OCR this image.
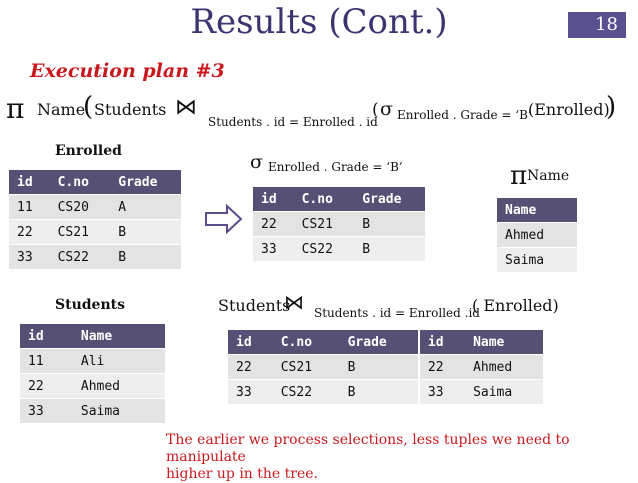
Results (Cont.)	18
Execution plan #3
π Name
( Students ⋈
Students . id = Enrolled . id
( σ Enrolled . Grade = ‘B’
(Enrolled)
)
Enrolled	σ Enrolled . Grade = ‘B’	π Name
Students	Students
⋈ Students . id = Enrolled .id
( Enrolled)
id	C.no	Grade
11	CS20	A
22	CS21	B
33	CS22	B
id	C.no	Grade
22	CS21	B
33	CS22	B
Name
Ahmed
Saima
id	Name
11	Ali
22	Ahmed
33	Saima
id	C.no	Grade	id	Name
22	CS21	B	22	Ahmed
33	CS22	B	33	Saima
The earlier we process selections, less tuples we need to manipulate
higher up in the tree.
